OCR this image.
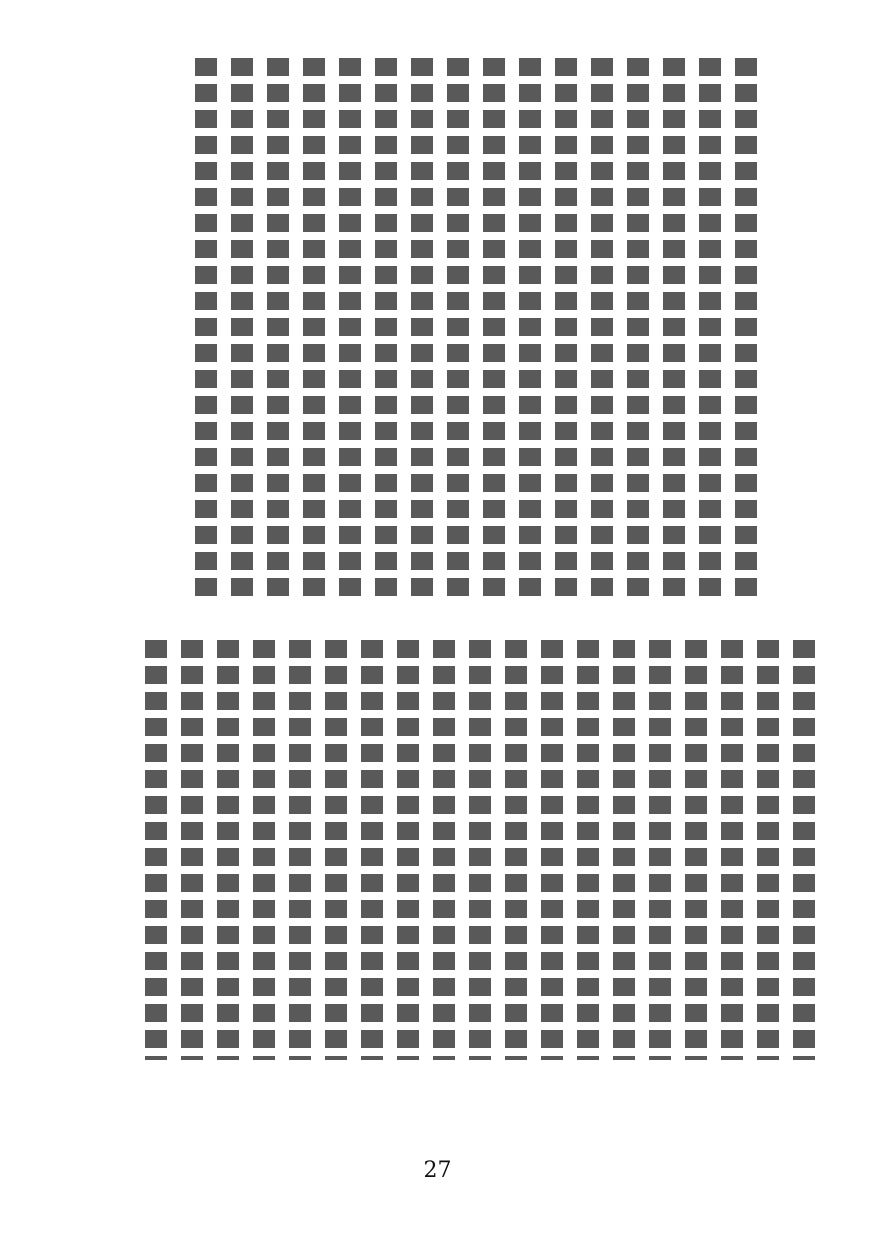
27
